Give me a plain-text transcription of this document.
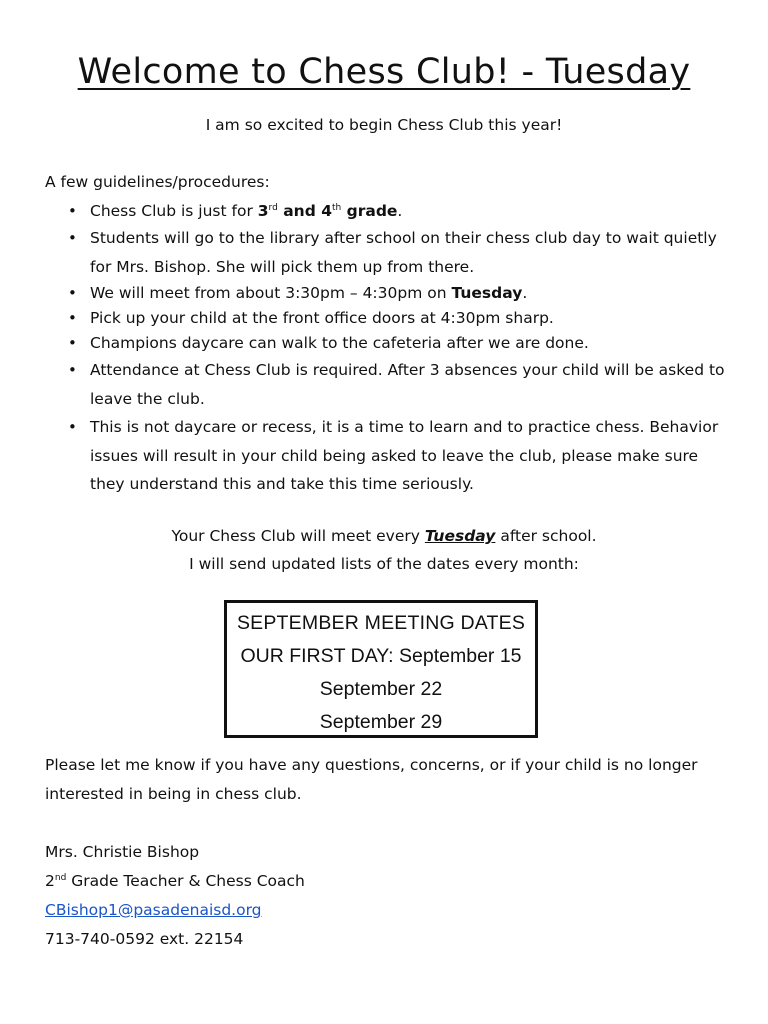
Welcome to Chess Club! - Tuesday

I am so excited to begin Chess Club this year!

A few guidelines/procedures:

• Chess Club is just for 3rd and 4th grade.
• Students will go to the library after school on their chess club day to wait quietly for Mrs. Bishop. She will pick them up from there.
• We will meet from about 3:30pm – 4:30pm on Tuesday.
• Pick up your child at the front office doors at 4:30pm sharp.
• Champions daycare can walk to the cafeteria after we are done.
• Attendance at Chess Club is required. After 3 absences your child will be asked to leave the club.
• This is not daycare or recess, it is a time to learn and to practice chess. Behavior issues will result in your child being asked to leave the club, please make sure they understand this and take this time seriously.
Your Chess Club will meet every Tuesday after school.
I will send updated lists of the dates every month:
SEPTEMBER MEETING DATES
OUR FIRST DAY: September 15
September 22
September 29

Please let me know if you have any questions, concerns, or if your child is no longer interested in being in chess club.

Mrs. Christie Bishop
2nd Grade Teacher & Chess Coach
CBishop1@pasadenaisd.org
713-740-0592 ext. 22154
